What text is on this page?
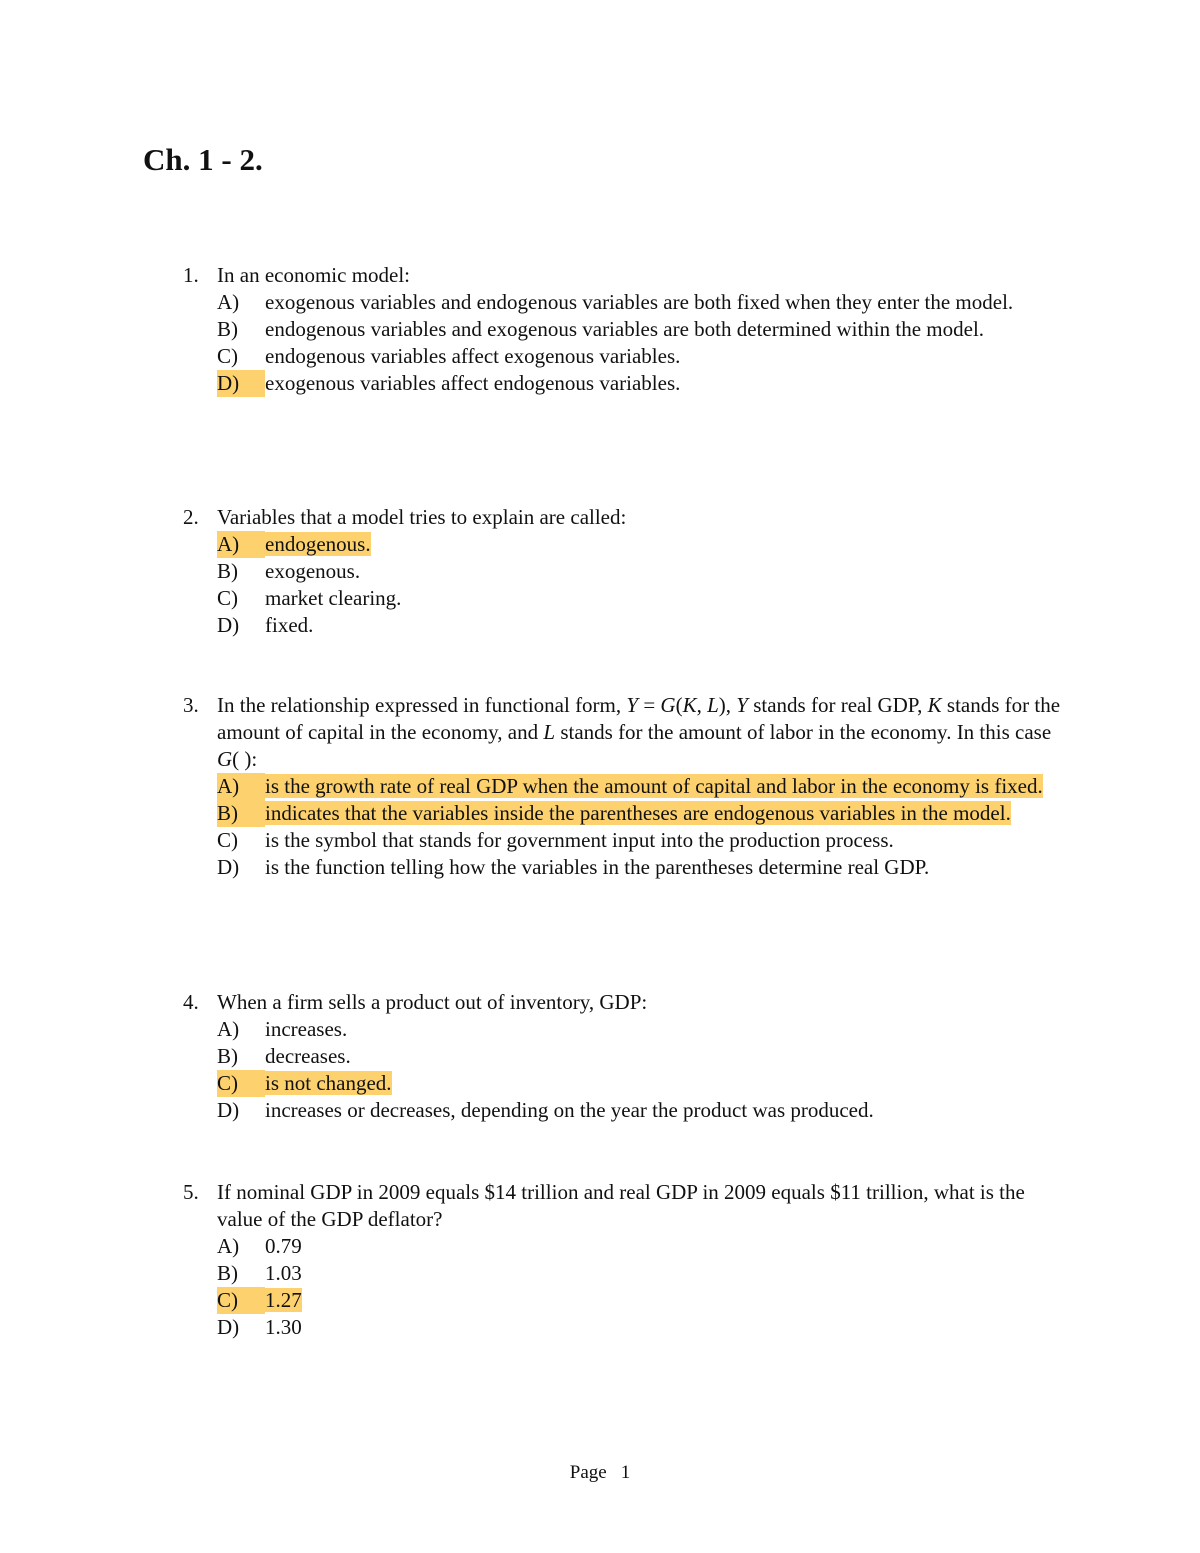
Ch. 1 - 2.
1. In an economic model:
A)	exogenous variables and endogenous variables are both fixed when they enter the model.
B)	endogenous variables and exogenous variables are both determined within the model.
C)	endogenous variables affect exogenous variables.
D)	exogenous variables affect endogenous variables.
2. Variables that a model tries to explain are called:
A)	endogenous.
B)	exogenous.
C)	market clearing.
D)	fixed.
3. In the relationship expressed in functional form, Y = G(K, L), Y stands for real GDP, K stands for the amount of capital in the economy, and L stands for the amount of labor in the economy. In this case G( ):
A)	is the growth rate of real GDP when the amount of capital and labor in the economy is fixed.
B)	indicates that the variables inside the parentheses are endogenous variables in the model.
C)	is the symbol that stands for government input into the production process.
D)	is the function telling how the variables in the parentheses determine real GDP.
4. When a firm sells a product out of inventory, GDP:
A)	increases.
B)	decreases.
C)	is not changed.
D)	increases or decreases, depending on the year the product was produced.
5. If nominal GDP in 2009 equals $14 trillion and real GDP in 2009 equals $11 trillion, what is the value of the GDP deflator?
A)	0.79
B)	1.03
C)	1.27
D)	1.30
Page 1
